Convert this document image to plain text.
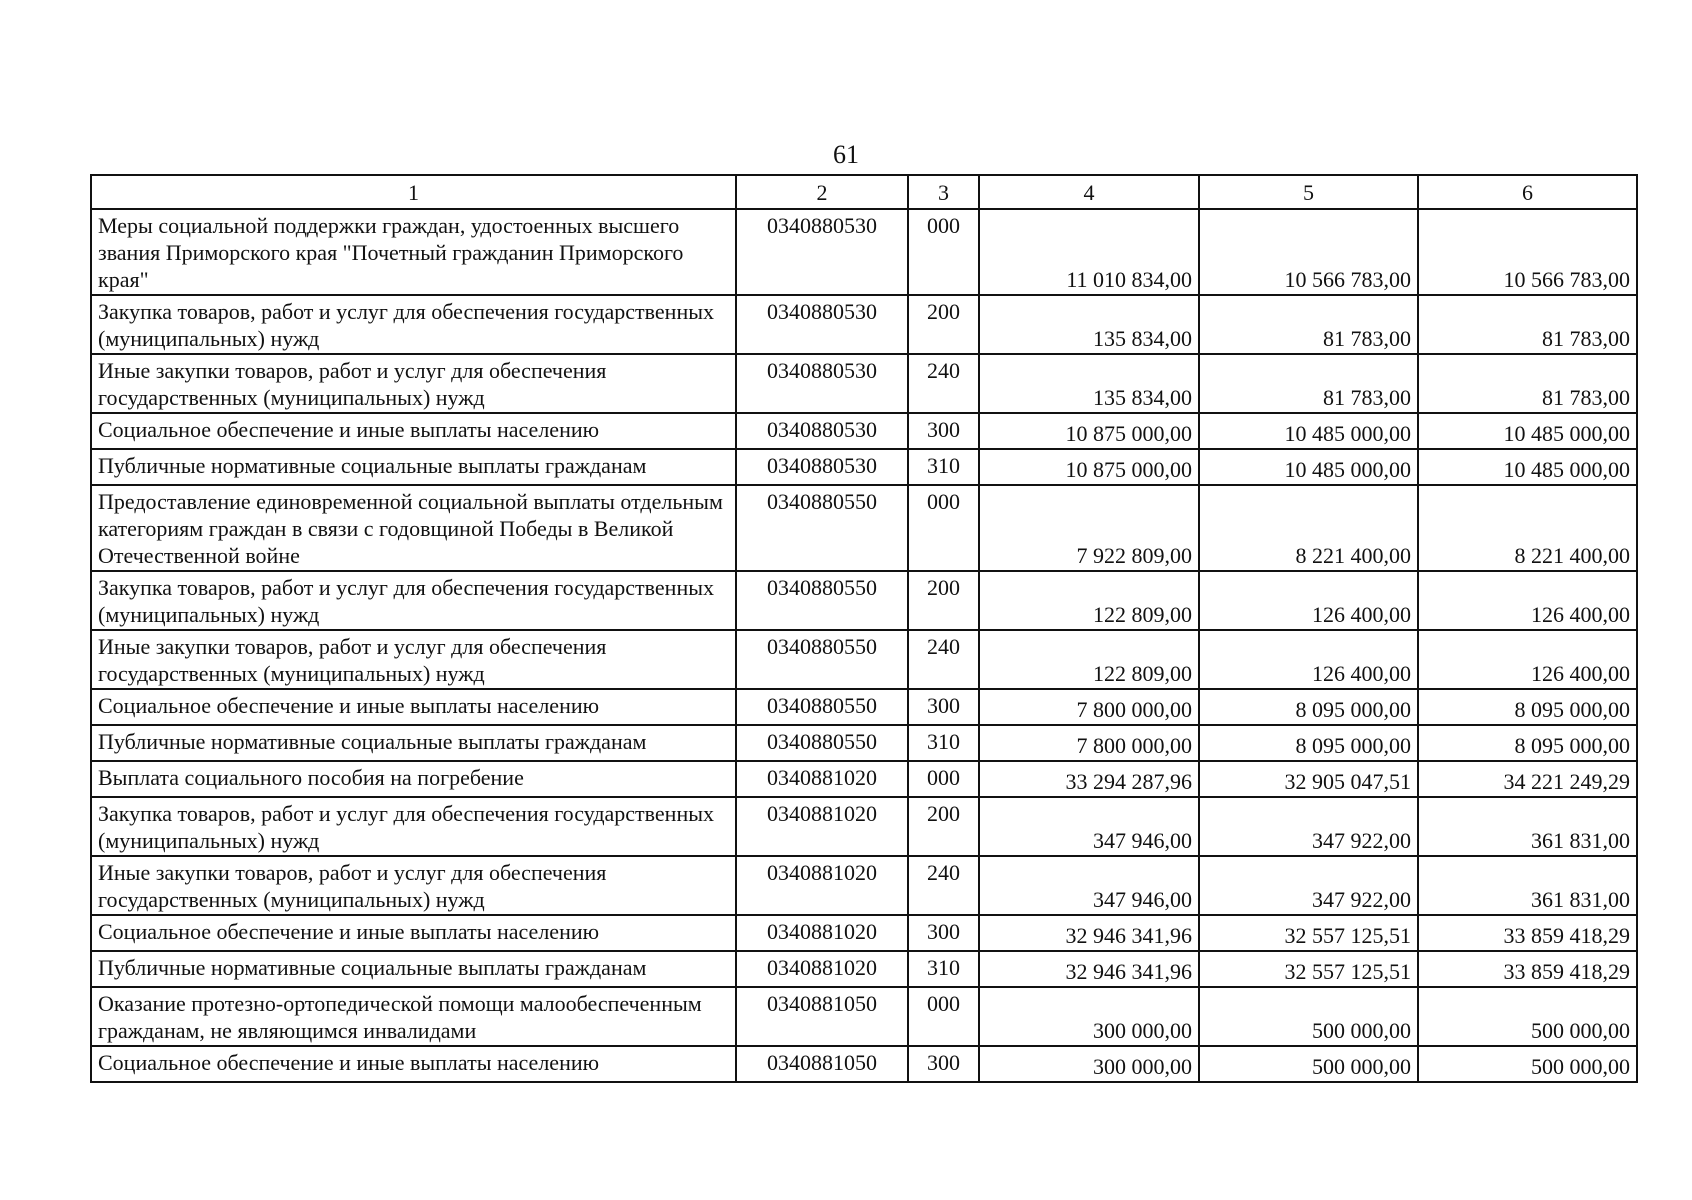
61
1	2	3	4	5	6
Меры социальной поддержки граждан, удостоенных высшего звания Приморского края "Почетный гражданин Приморского края"	0340880530	000	11 010 834,00	10 566 783,00	10 566 783,00
Закупка товаров, работ и услуг для обеспечения государственных (муниципальных) нужд	0340880530	200	135 834,00	81 783,00	81 783,00
Иные закупки товаров, работ и услуг для обеспечения государственных (муниципальных) нужд	0340880530	240	135 834,00	81 783,00	81 783,00
Социальное обеспечение и иные выплаты населению	0340880530	300	10 875 000,00	10 485 000,00	10 485 000,00
Публичные нормативные социальные выплаты гражданам	0340880530	310	10 875 000,00	10 485 000,00	10 485 000,00
Предоставление единовременной социальной выплаты отдельным категориям граждан в связи с годовщиной Победы в Великой Отечественной войне	0340880550	000	7 922 809,00	8 221 400,00	8 221 400,00
Закупка товаров, работ и услуг для обеспечения государственных (муниципальных) нужд	0340880550	200	122 809,00	126 400,00	126 400,00
Иные закупки товаров, работ и услуг для обеспечения государственных (муниципальных) нужд	0340880550	240	122 809,00	126 400,00	126 400,00
Социальное обеспечение и иные выплаты населению	0340880550	300	7 800 000,00	8 095 000,00	8 095 000,00
Публичные нормативные социальные выплаты гражданам	0340880550	310	7 800 000,00	8 095 000,00	8 095 000,00
Выплата социального пособия на погребение	0340881020	000	33 294 287,96	32 905 047,51	34 221 249,29
Закупка товаров, работ и услуг для обеспечения государственных (муниципальных) нужд	0340881020	200	347 946,00	347 922,00	361 831,00
Иные закупки товаров, работ и услуг для обеспечения государственных (муниципальных) нужд	0340881020	240	347 946,00	347 922,00	361 831,00
Социальное обеспечение и иные выплаты населению	0340881020	300	32 946 341,96	32 557 125,51	33 859 418,29
Публичные нормативные социальные выплаты гражданам	0340881020	310	32 946 341,96	32 557 125,51	33 859 418,29
Оказание протезно-ортопедической помощи малообеспеченным гражданам, не являющимся инвалидами	0340881050	000	300 000,00	500 000,00	500 000,00
Социальное обеспечение и иные выплаты населению	0340881050	300	300 000,00	500 000,00	500 000,00
